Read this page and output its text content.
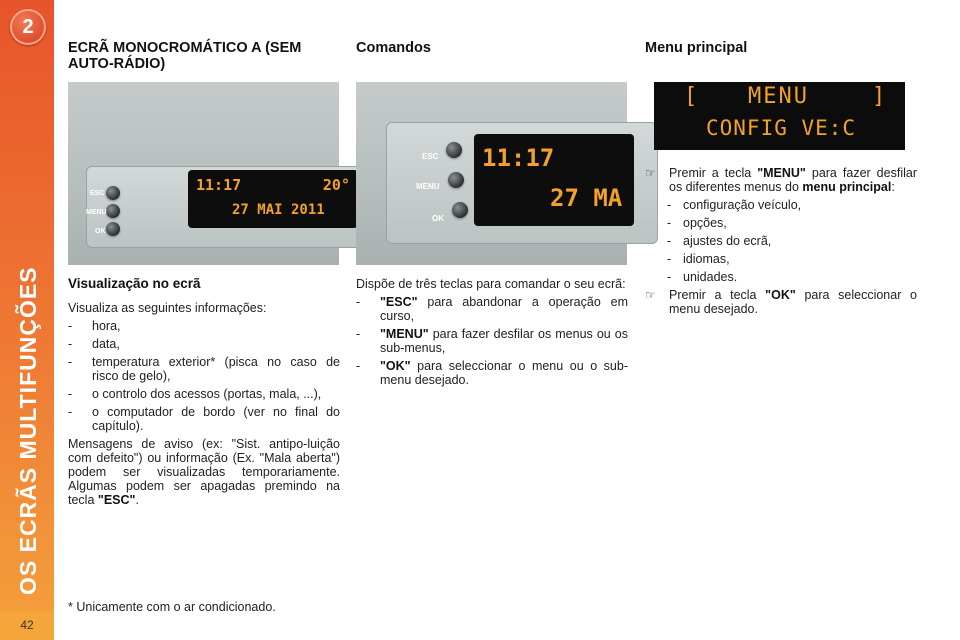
2
OS ECRÃS MULTIFUNÇÕES
42
ECRÃ MONOCROMÁTICO A (SEM AUTO-RÁDIO)
11:17	20°
27 MAI 2011
ESC
MENU
OK
Visualização no ecrã

Visualiza as seguintes informações:

- hora,
- data,
- temperatura exterior* (pisca no caso de risco de gelo),
- o controlo dos acessos (portas, mala, ...),
- o computador de bordo (ver no final do capítulo).

Mensagens de aviso (ex: "Sist. antipo-luição com defeito") ou informação (Ex. "Mala aberta") podem ser visualizadas temporariamente. Algumas podem ser apagadas premindo na tecla "ESC".

Comandos
11:17
27 MA
ESC
MENU
OK

Dispõe de três teclas para comandar o seu ecrã:

- "ESC" para abandonar a operação em curso,
- "MENU" para fazer desfilar os menus ou os sub-menus,
- "OK" para seleccionar o menu ou o sub-menu desejado.
Menu principal
[ MENU	]
CONFIG VE:C
☞ Premir a tecla "MENU" para fazer desfilar os diferentes menus do menu principal:
- configuração veículo,
- opções,
- ajustes do ecrã,
- idiomas,
- unidades.
☞ Premir a tecla "OK" para seleccionar o menu desejado.
* Unicamente com o ar condicionado.
